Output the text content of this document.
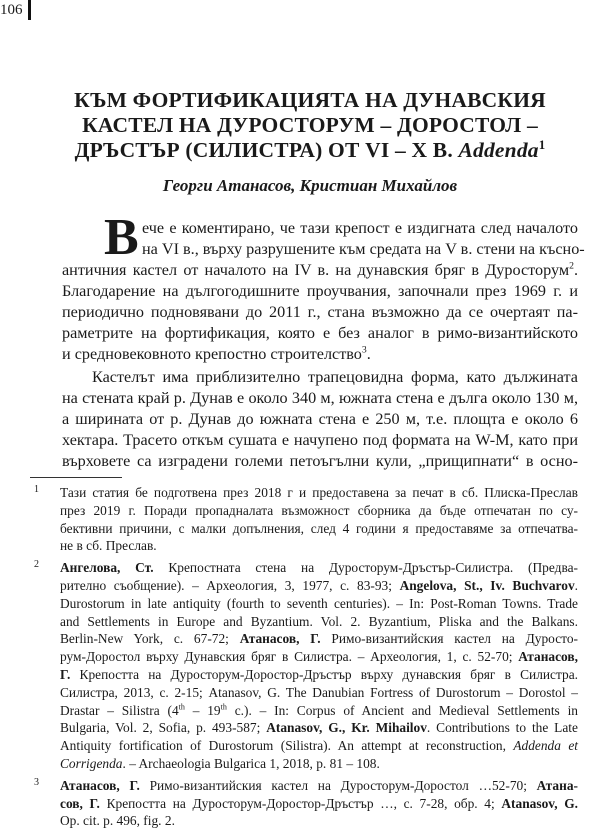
106
КЪМ ФОРТИФИКАЦИЯТА НА ДУНАВСКИЯ
КАСТЕЛ НА ДУРОСТОРУМ – ДОРОСТОЛ –
ДРЪСТЪР (СИЛИСТРА) ОТ VI – X В. Addenda$^1$
Георги Атанасов, Кристиан Михайлов
В ече е коментирано, че тази крепост е издигната след началото
на VI в., върху разрушените към средата на V в. стени на късно-
античния кастел от началото на IV в. на дунавския бряг в Дуросторум$^2$.
Благодарение на дългогодишните проучвания, започнали през 1969 г. и
периодично подновявани до 2011 г., стана възможно да се очертаят па-
раметрите на фортификация, която е без аналог в римо-византийското
и средновековното крепостно строителство$^3$.
Кастелът има приблизително трапецовидна форма, като дължината
на стената край р. Дунав е около 340 м, южната стена е дълга около 130 м,
а ширината от р. Дунав до южната стена е 250 м, т.е. площта е около 6
хектара. Трасето откъм сушата е начупено под формата на W-M, като при
върховете са изградени големи петоъгълни кули, „прищипнати“ в осно-
1 Тази статия бе подготвена през 2018 г и предоставена за печат в сб. Плиска-Преслав
през 2019 г. Поради пропадналата възможност сборника да бъде отпечатан по су-
бективни причини, с малки допълнения, след 4 години я предоставяме за отпечатва-
не в сб. Преслав.
2 Ангелова, Ст. Крепостната стена на Дуросторум-Дръстър-Силистра. (Предва-
рително съобщение). – Археология, 3, 1977, с. 83-93; Angelova, St., Iv. Buchvarov.
Durostorum in late antiquity (fourth to seventh centuries). – In: Post-Roman Towns. Trade
and Settlements in Europe and Byzantium. Vol. 2. Byzantium, Pliska and the Balkans.
Berlin-New York, с. 67-72; Атанасов, Г. Римо-византийския кастел на Дуросто-
рум-Доростол върху Дунавския бряг в Силистра. – Археология, 1, с. 52-70; Атанасов,
Г. Крепостта на Дуросторум-Доростор-Дръстър върху дунавския бряг в Силистра.
Силистра, 2013, с. 2-15; Atanasov, G. The Danubian Fortress of Durostorum – Dorostol –
Drastar – Silistra (4th – 19th c.). – In: Corpus of Ancient and Medieval Settlements in
Bulgaria, Vol. 2, Sofia, p. 493-587; Atanasov, G., Kr. Mihailov. Contributions to the Late
Antiquity fortification of Durostorum (Silistra). An attempt at reconstruction, Addenda et
Corrigenda. – Archaeologia Bulgarica 1, 2018, p. 81 – 108.
3 Атанасов, Г. Римо-византийския кастел на Дуросторум-Доростол …52-70; Атана-
сов, Г. Крепостта на Дуросторум-Доростор-Дръстър …, с. 7-28, обр. 4; Atanasov, G.
Op. cit. p. 496, fig. 2.
